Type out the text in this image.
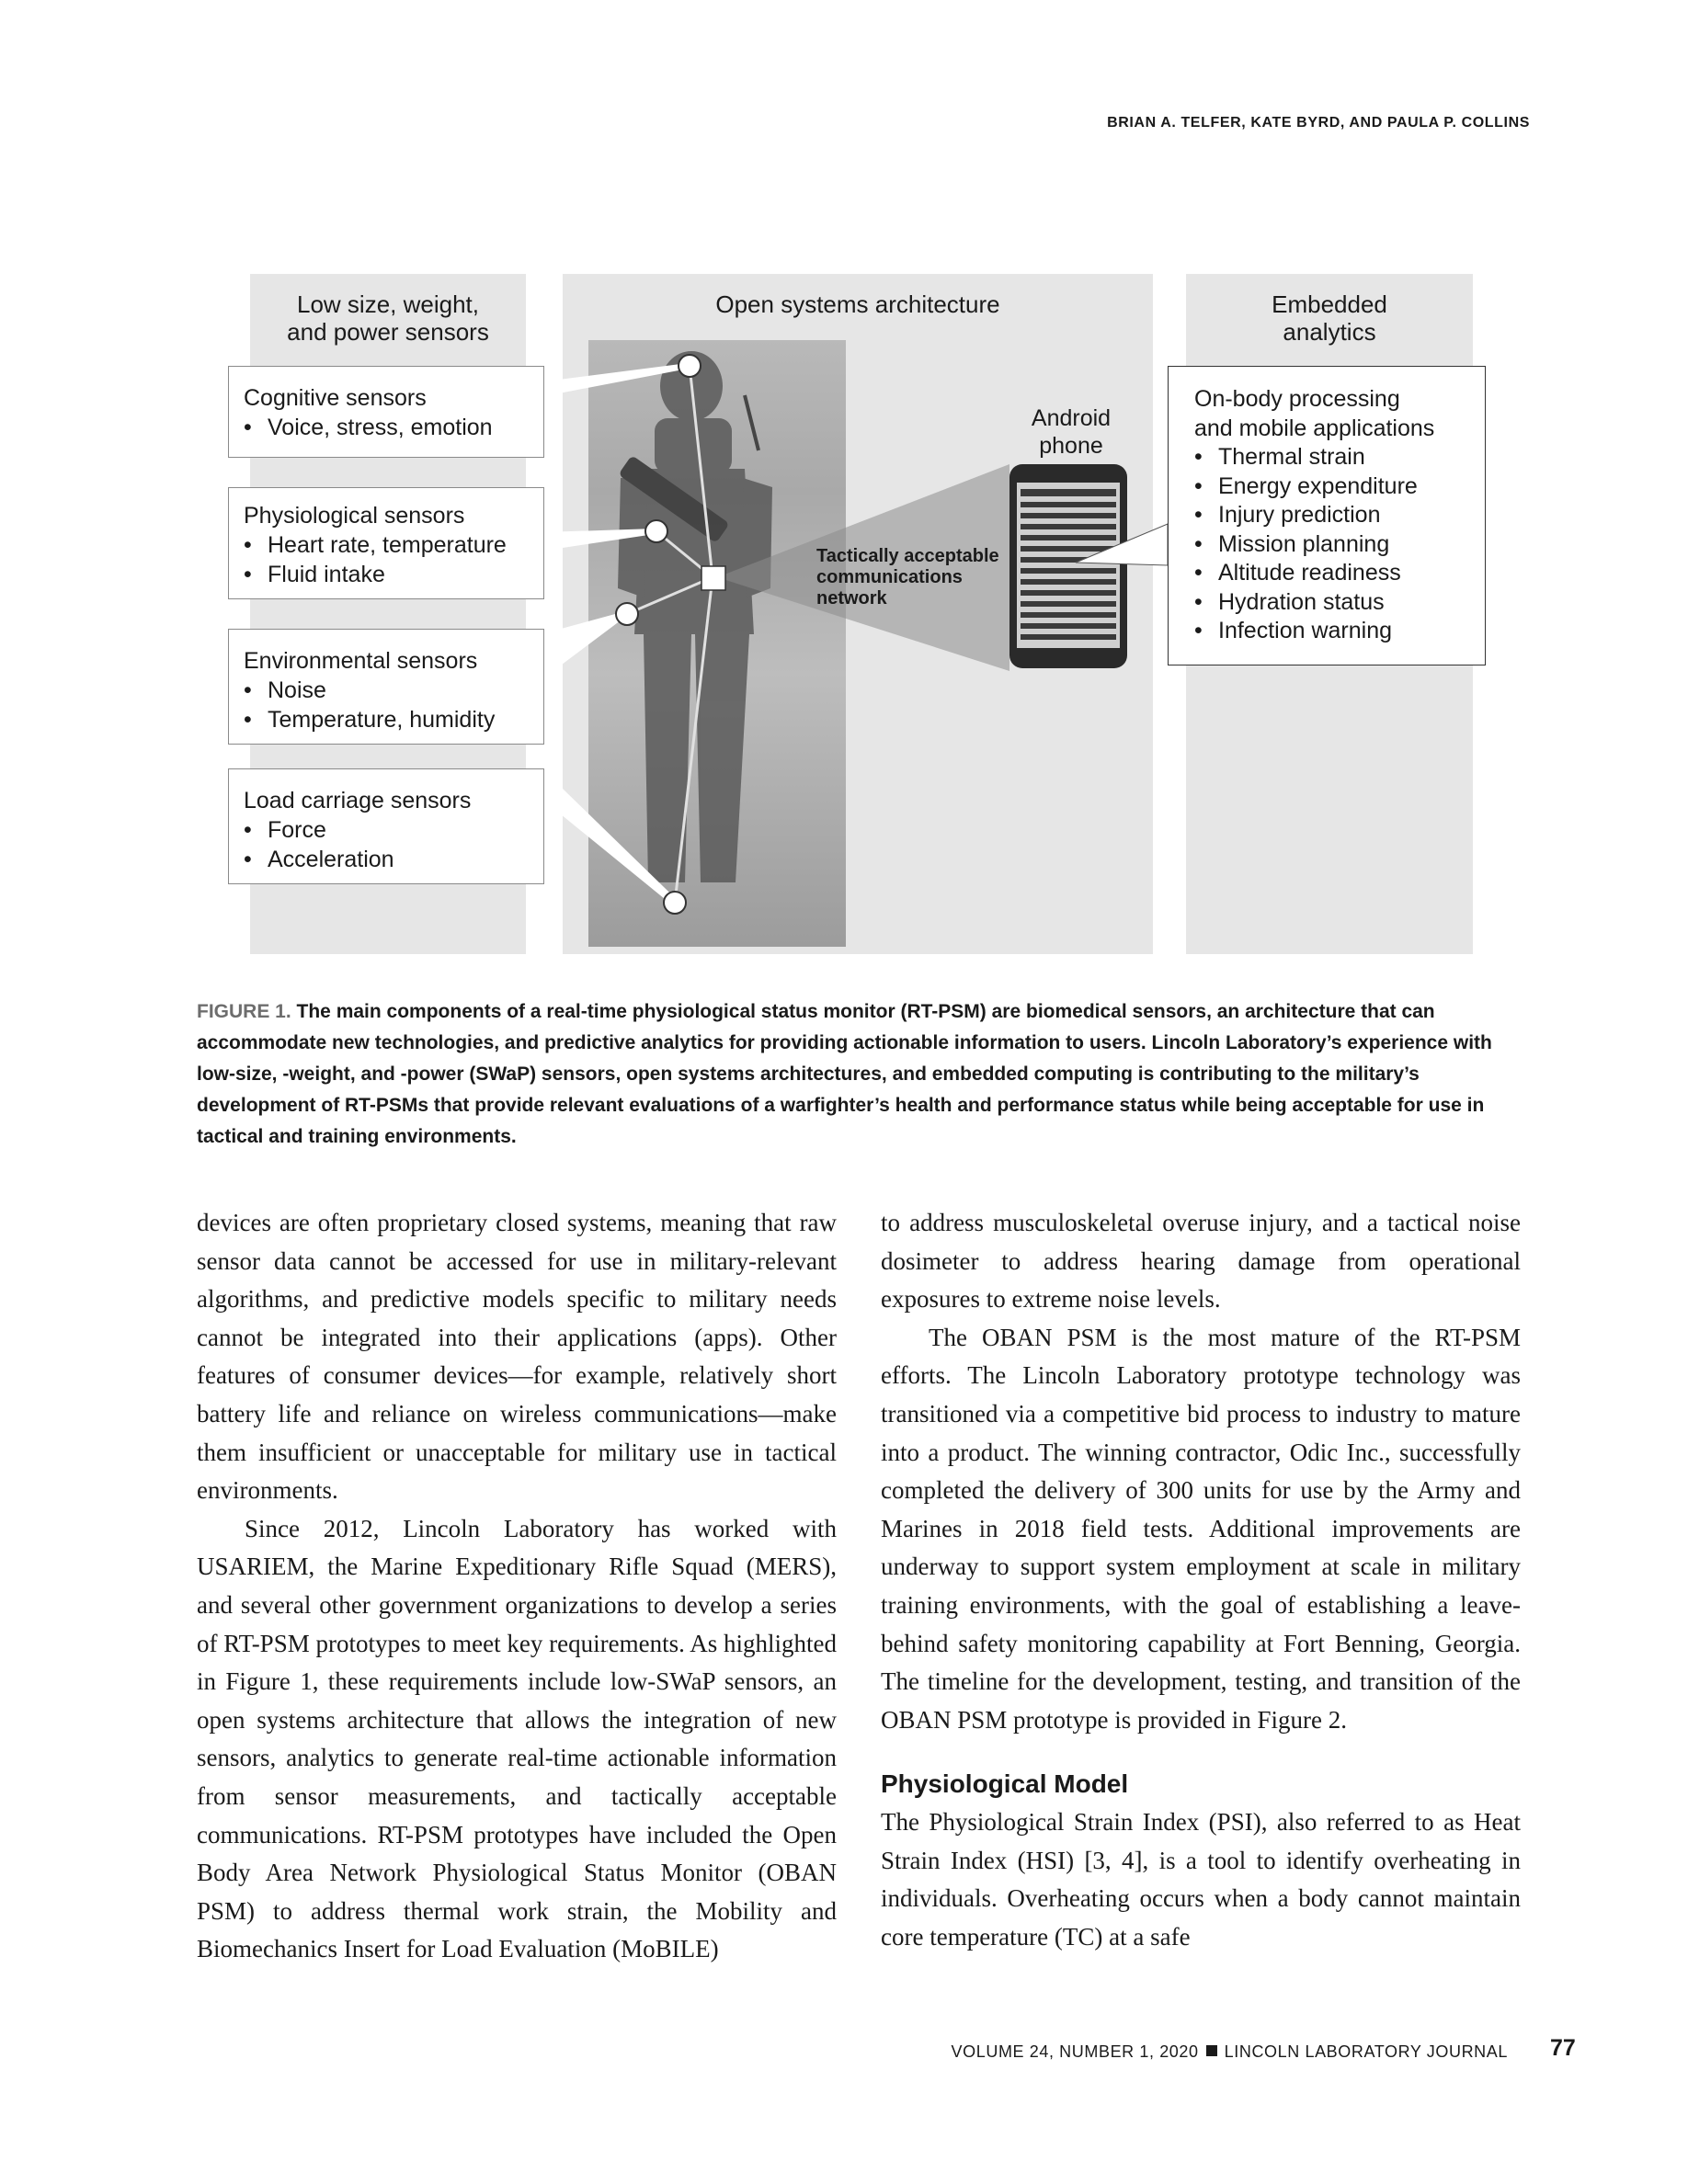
BRIAN A. TELFER, KATE BYRD, AND PAULA P. COLLINS
Low size, weight,
and power sensors
Open systems architecture	Embedded
analytics
Cognitive sensors
• Voice, stress, emotion
Physiological sensors
• Heart rate, temperature
• Fluid intake
Environmental sensors
• Noise
• Temperature, humidity
Load carriage sensors
• Force
• Acceleration
Android
phone
Tactically acceptable
communications
network
On-body processing
and mobile applications
• Thermal strain
• Energy expenditure
• Injury prediction
• Mission planning
• Altitude readiness
• Hydration status
• Infection warning
FIGURE 1. The main components of a real-time physiological status monitor (RT-PSM) are biomedical sensors, an architecture that can accommodate new technologies, and predictive analytics for providing actionable information to users. Lincoln Laboratory’s experience with low-size, -weight, and -power (SWaP) sensors, open systems architectures, and embedded computing is contributing to the military’s development of RT-PSMs that provide relevant evaluations of a warfighter’s health and performance status while being acceptable for use in tactical and training environments.

devices are often proprietary closed systems, meaning that raw sensor data cannot be accessed for use in military-relevant algorithms, and predictive models specific to military needs cannot be integrated into their applications (apps). Other features of consumer devices—for example, relatively short battery life and reliance on wireless communications—make them insufficient or unacceptable for military use in tactical environments.

Since 2012, Lincoln Laboratory has worked with USARIEM, the Marine Expeditionary Rifle Squad (MERS), and several other government organizations to develop a series of RT-PSM prototypes to meet key requirements. As highlighted in Figure 1, these requirements include low-SWaP sensors, an open systems architecture that allows the integration of new sensors, analytics to generate real-time actionable information from sensor measurements, and tactically acceptable communications. RT-PSM prototypes have included the Open Body Area Network Physiological Status Monitor (OBAN PSM) to address thermal work strain, the Mobility and Biomechanics Insert for Load Evaluation (MoBILE)

to address musculoskeletal overuse injury, and a tactical noise dosimeter to address hearing damage from operational exposures to extreme noise levels.

The OBAN PSM is the most mature of the RT-PSM efforts. The Lincoln Laboratory prototype technology was transitioned via a competitive bid process to industry to mature into a product. The winning contractor, Odic Inc., successfully completed the delivery of 300 units for use by the Army and Marines in 2018 field tests. Additional improvements are underway to support system employment at scale in military training environments, with the goal of establishing a leave-behind safety monitoring capability at Fort Benning, Georgia. The timeline for the development, testing, and transition of the OBAN PSM prototype is provided in Figure 2.

Physiological Model

The Physiological Strain Index (PSI), also referred to as Heat Strain Index (HSI) [3, 4], is a tool to identify overheating in individuals. Overheating occurs when a body cannot maintain core temperature (TC) at a safe

VOLUME 24, NUMBER 1, 2020 LINCOLN LABORATORY JOURNAL 77
